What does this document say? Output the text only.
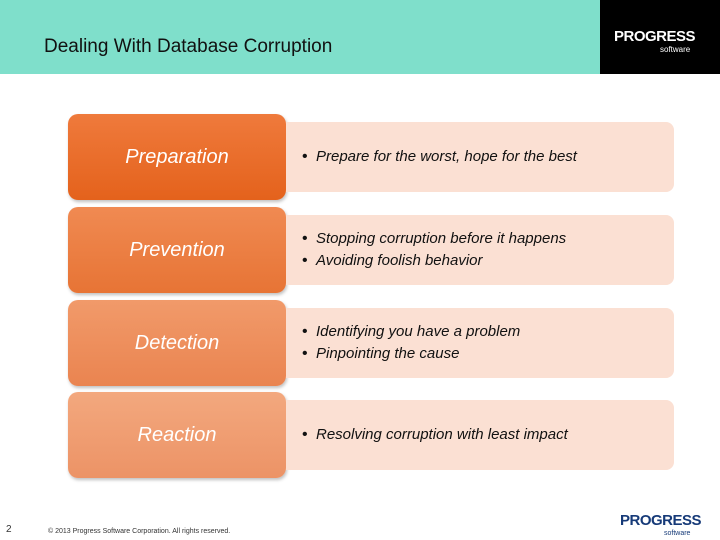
Dealing With Database Corruption	PROGRESS
software
Preparation	• Prepare for the worst, hope for the best
Prevention	• Stopping corruption before it happens
• Avoiding foolish behavior
Detection	• Identifying you have a problem
• Pinpointing the cause
Reaction	• Resolving corruption with least impact
2	© 2013 Progress Software Corporation. All rights reserved.
PROGRESS
software
